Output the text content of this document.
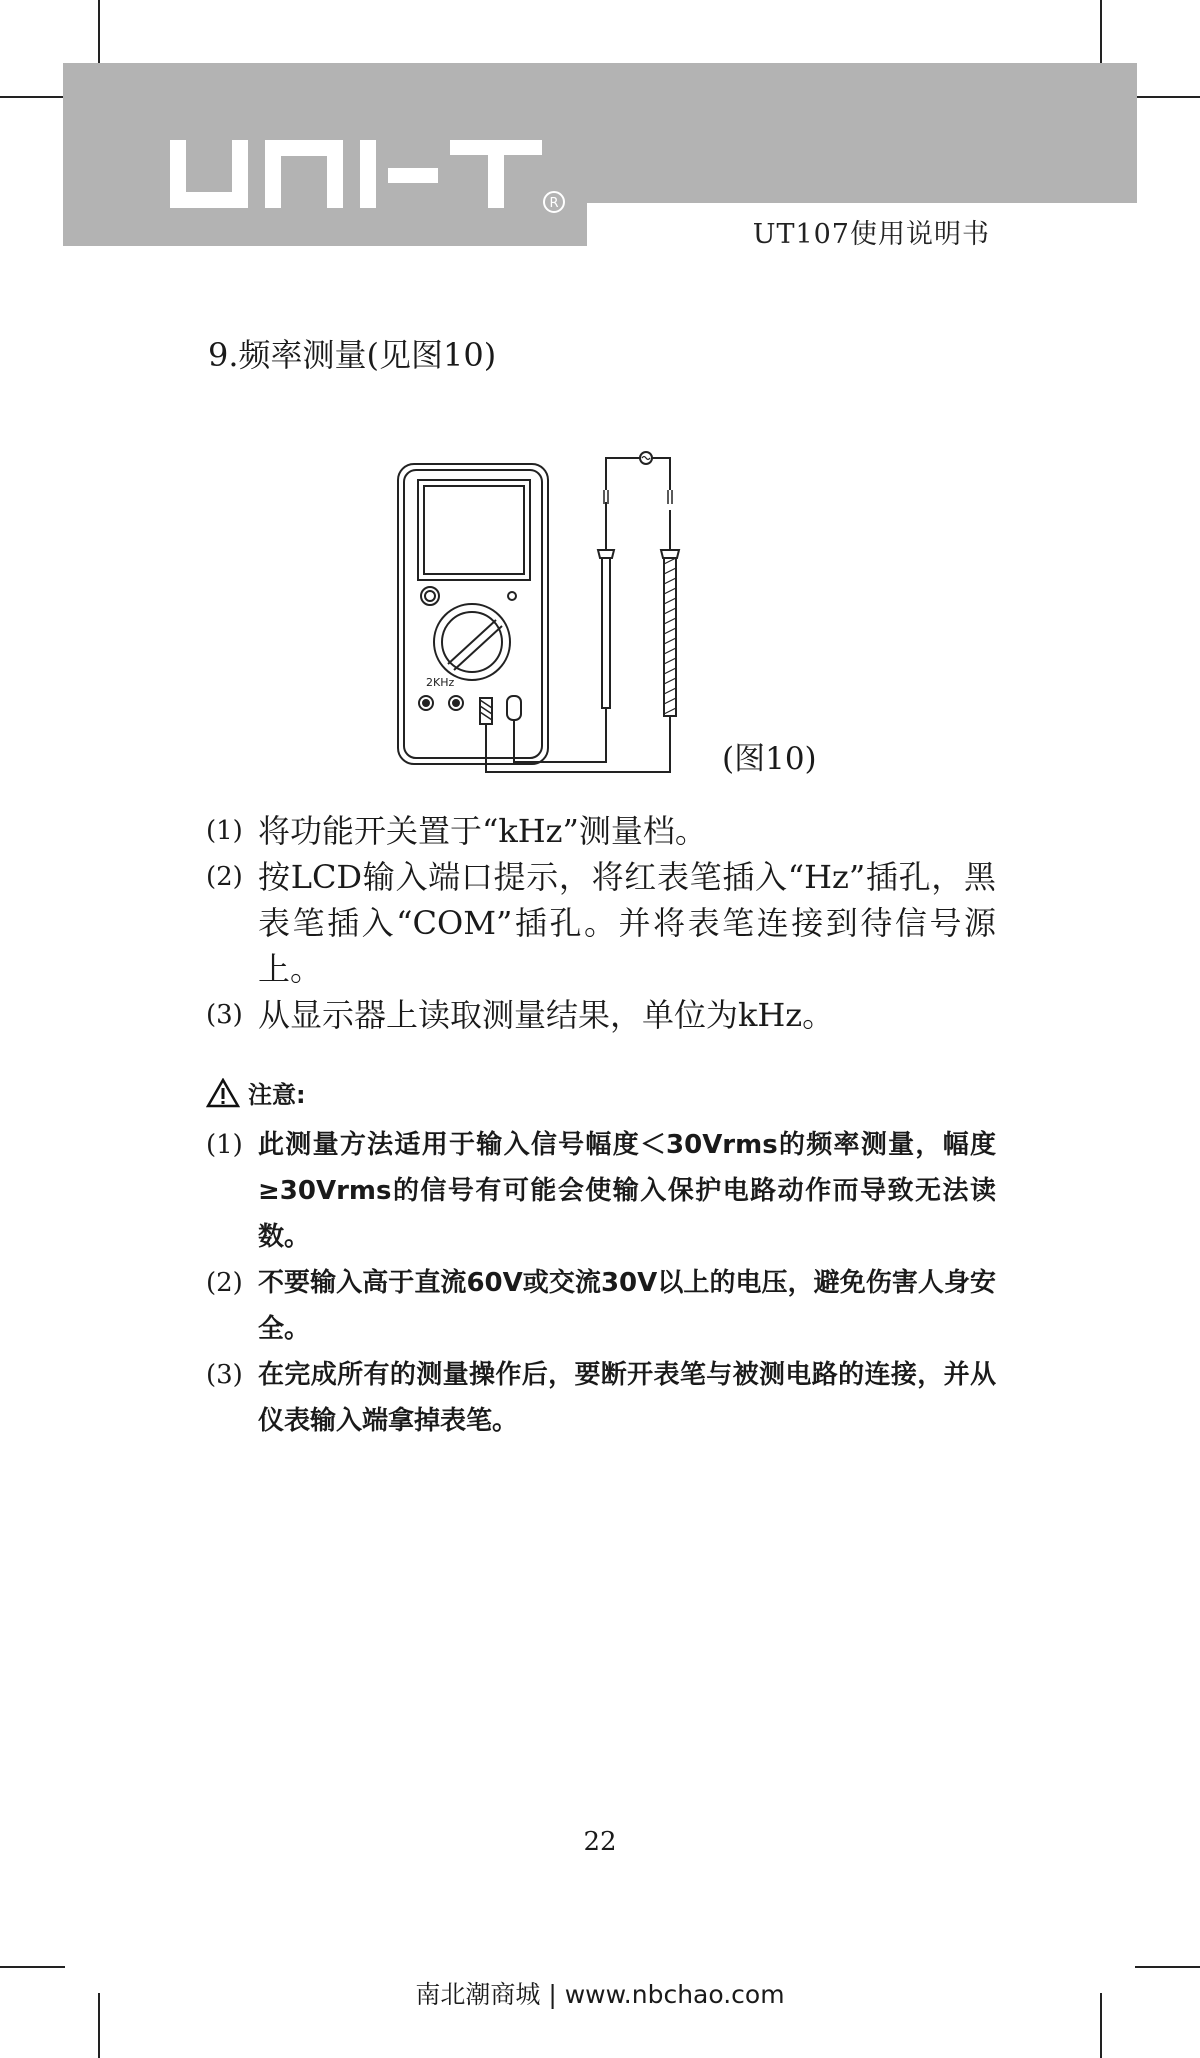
R
UT107使用说明书
9.频率测量(见图10)
2KHz
(图10)
(1) 将功能开关置于“kHz”测量档。
(2) 按LCD输入端口提示，将红表笔插入“Hz”插孔，黑表笔插入“COM”插孔。并将表笔连接到待信号源上。
(3) 从显示器上读取测量结果，单位为kHz。
注意:
(1) 此测量方法适用于输入信号幅度＜30Vrms的频率测量，幅度≥30Vrms的信号有可能会使输入保护电路动作而导致无法读数。
(2) 不要输入高于直流60V或交流30V以上的电压，避免伤害人身安全。
(3) 在完成所有的测量操作后，要断开表笔与被测电路的连接，并从仪表输入端拿掉表笔。
22
南北潮商城 | www.nbchao.com
